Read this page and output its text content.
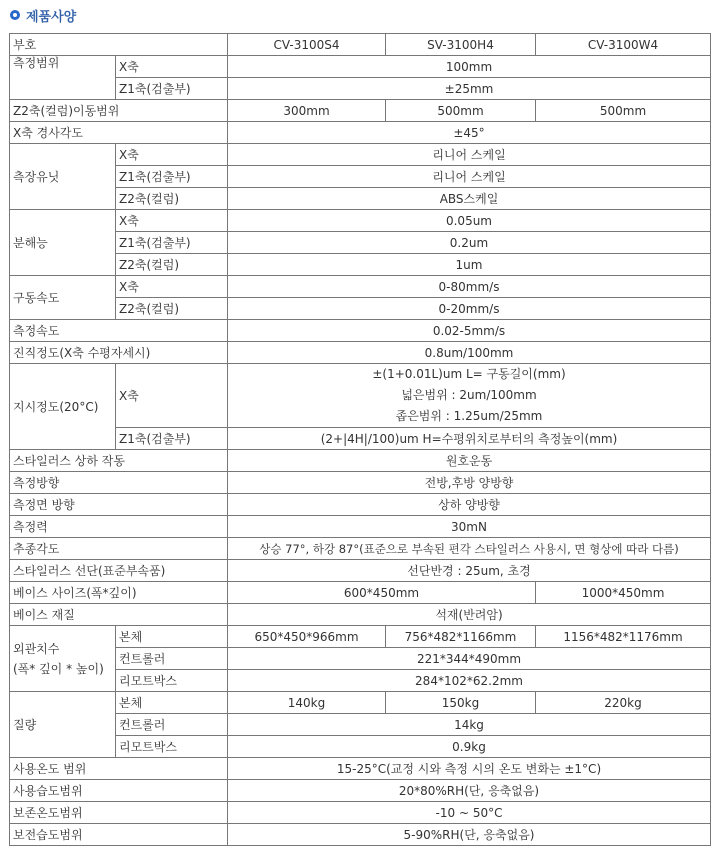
제품사양
부호		CV-3100S4	SV-3100H4	CV-3100W4
측정범위	X축	100mm		
	Z1축(검출부)	±25mm		
Z2축(컬럼)이동범위		300mm	500mm	500mm
X축 경사각도		±45°		
측장유닛	X축	리니어 스케일		
	Z1축(검출부)	리니어 스케일		
	Z2축(컬럼)	ABS스케일		
분해능	X축	0.05um		
	Z1축(검출부)	0.2um		
	Z2축(컬럼)	1um		
구동속도	X축	0-80mm/s		
	Z2축(컬럼)	0-20mm/s		
측정속도		0.02-5mm/s		
진직정도(X축 수평자세시)		0.8um/100mm		
지시정도(20°C)	X축	±(1+0.01L)um L= 구동길이(mm)
넓은범위 : 2um/100mm
좁은범위 : 1.25um/25mm		

	Z1축(검출부)	(2+|4H|/100)um H=수평위치로부터의 측정높이(mm)		
스타일러스 상하 작동		원호운동		
측정방향		전방,후방 양방향		
측정면 방향		상하 양방향		
측정력		30mN		
추종각도		상승 77°, 하강 87°(표준으로 부속된 편각 스타일러스 사용시, 면 형상에 따라 다름)		
스타일러스 선단(표준부속품)		선단반경 : 25um, 초경		
베이스 사이즈(폭*깊이)		600*450mm		1000*450mm
베이스 재질		석재(반려암)		

외관치수
(폭* 깊이 * 높이)	본체	650*450*966mm	756*482*1166mm	1156*482*1176mm
	컨트롤러	221*344*490mm		
	리모트박스	284*102*62.2mm		
질량	본체	140kg	150kg	220kg
	컨트롤러	14kg		
	리모트박스	0.9kg		
사용온도 범위		15-25°C(교정 시와 측정 시의 온도 변화는 ±1°C)		
사용습도범위		20*80%RH(단, 응축없음)		
보존온도범위		-10 ~ 50°C		
보전습도범위		5-90%RH(단, 응축없음)		
